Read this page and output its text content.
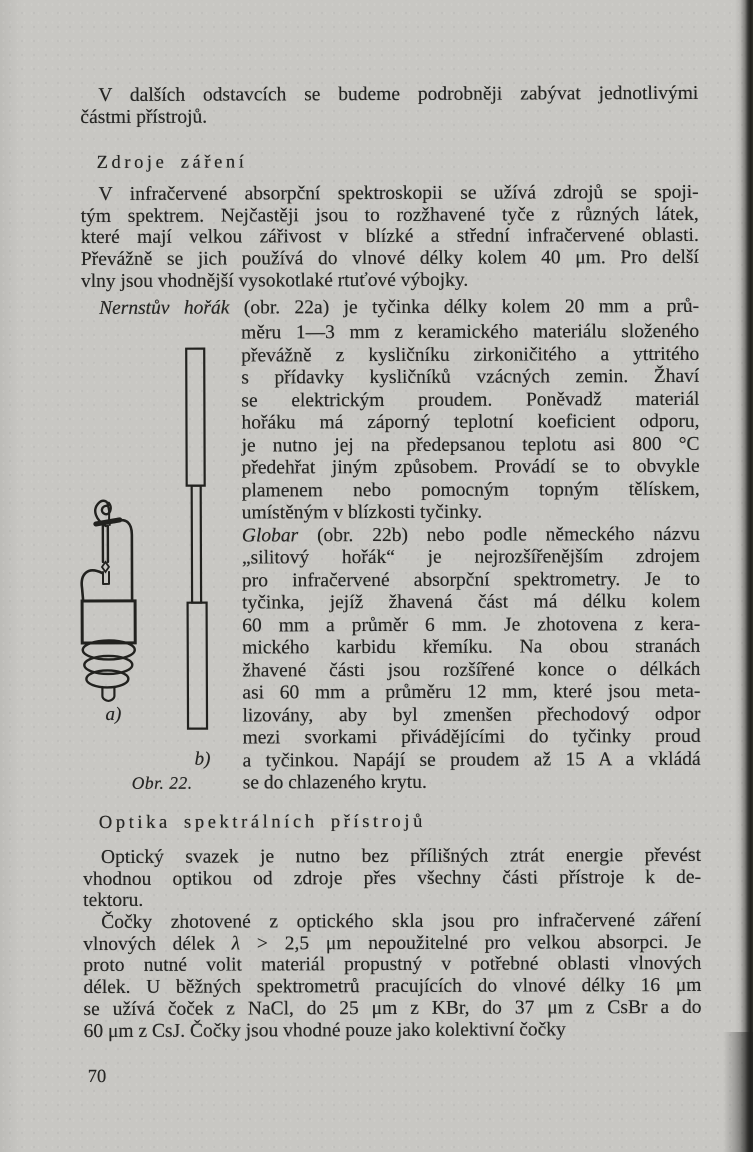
V dalších odstavcích se budeme podrobněji zabývat jednotlivými
částmi přístrojů.
Zdroje záření
V infračervené absorpční spektroskopii se užívá zdrojů se spoji-
tým spektrem. Nejčastěji jsou to rozžhavené tyče z různých látek,
které mají velkou zářivost v blízké a střední infračervené oblasti.
Převážně se jich používá do vlnové délky kolem 40 μm. Pro delší
vlny jsou vhodnější vysokotlaké rtuťové výbojky.
Nernstův hořák (obr. 22a) je tyčinka délky kolem 20 mm a prů-
měru 1—3 mm z keramického materiálu složeného
převážně z kysličníku zirkoničitého a yttritého
s přídavky kysličníků vzácných zemin. Žhaví
se elektrickým proudem. Poněvadž materiál
hořáku má záporný teplotní koeficient odporu,
je nutno jej na předepsanou teplotu asi 800 °C
předehřat jiným způsobem. Provádí se to obvykle
plamenem nebo pomocným topným tělískem,
umístěným v blízkosti tyčinky.
Globar (obr. 22b) nebo podle německého názvu
„silitový hořák“ je nejrozšířenějším zdrojem
pro infračervené absorpční spektrometry. Je to
tyčinka, jejíž žhavená část má délku kolem
60 mm a průměr 6 mm. Je zhotovena z kera-
mického karbidu křemíku. Na obou stranách
žhavené části jsou rozšířené konce o délkách
asi 60 mm a průměru 12 mm, které jsou meta-
lizovány, aby byl zmenšen přechodový odpor
mezi svorkami přivádějícími do tyčinky proud
a tyčinkou. Napájí se proudem až 15 A a vkládá
se do chlazeného krytu.
Optika spektrálních přístrojů
Optický svazek je nutno bez přílišných ztrát energie převést
vhodnou optikou od zdroje přes všechny části přístroje k de-
tektoru.
Čočky zhotovené z optického skla jsou pro infračervené záření
vlnových délek λ > 2,5 μm nepoužitelné pro velkou absorpci. Je
proto nutné volit materiál propustný v potřebné oblasti vlnových
délek. U běžných spektrometrů pracujících do vlnové délky 16 μm
se užívá čoček z NaCl, do 25 μm z KBr, do 37 μm z CsBr a do
60 μm z CsJ. Čočky jsou vhodné pouze jako kolektivní čočky
a)
b)
Obr. 22.
70
